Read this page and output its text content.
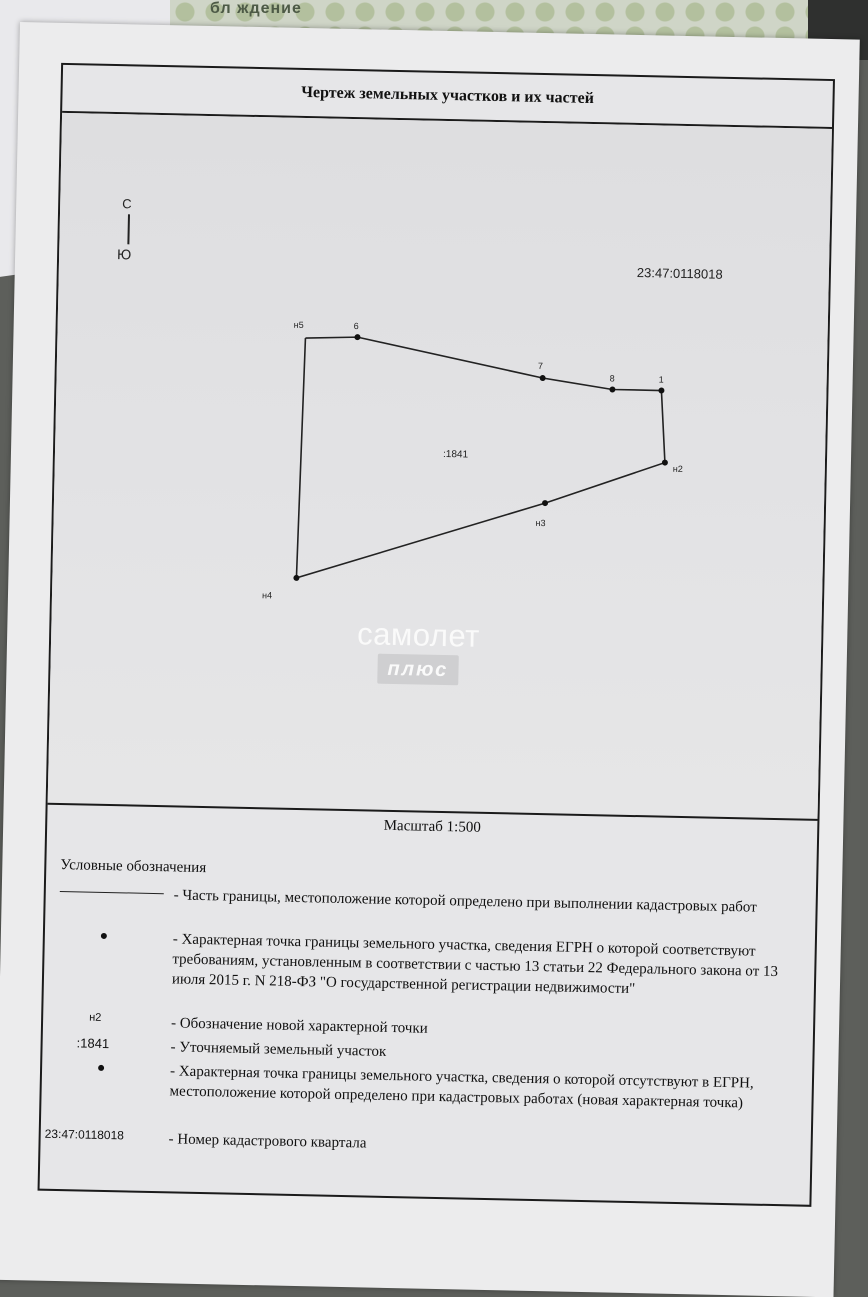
бл ждение
Чертеж земельных участков и их частей
С
Ю
23:47:0118018
:1841
н5	6
7
8	1
н2
н3
н4
самолет
плюс
Масштаб 1:500
Условные обозначения
- Часть границы, местоположение которой определено при выполнении кадастровых работ
- Характерная точка границы земельного участка, сведения ЕГРН о которой соответствуют требованиям, установленным в соответствии с частью 13 статьи 22 Федерального закона от 13 июля 2015 г. N 218-ФЗ "О государственной регистрации недвижимости"
н2	- Обозначение новой характерной точки
:1841	- Уточняемый земельный участок
- Характерная точка границы земельного участка, сведения о которой отсутствуют в ЕГРН, местоположение которой определено при кадастровых работах (новая характерная точка)
23:47:0118018	- Номер кадастрового квартала
